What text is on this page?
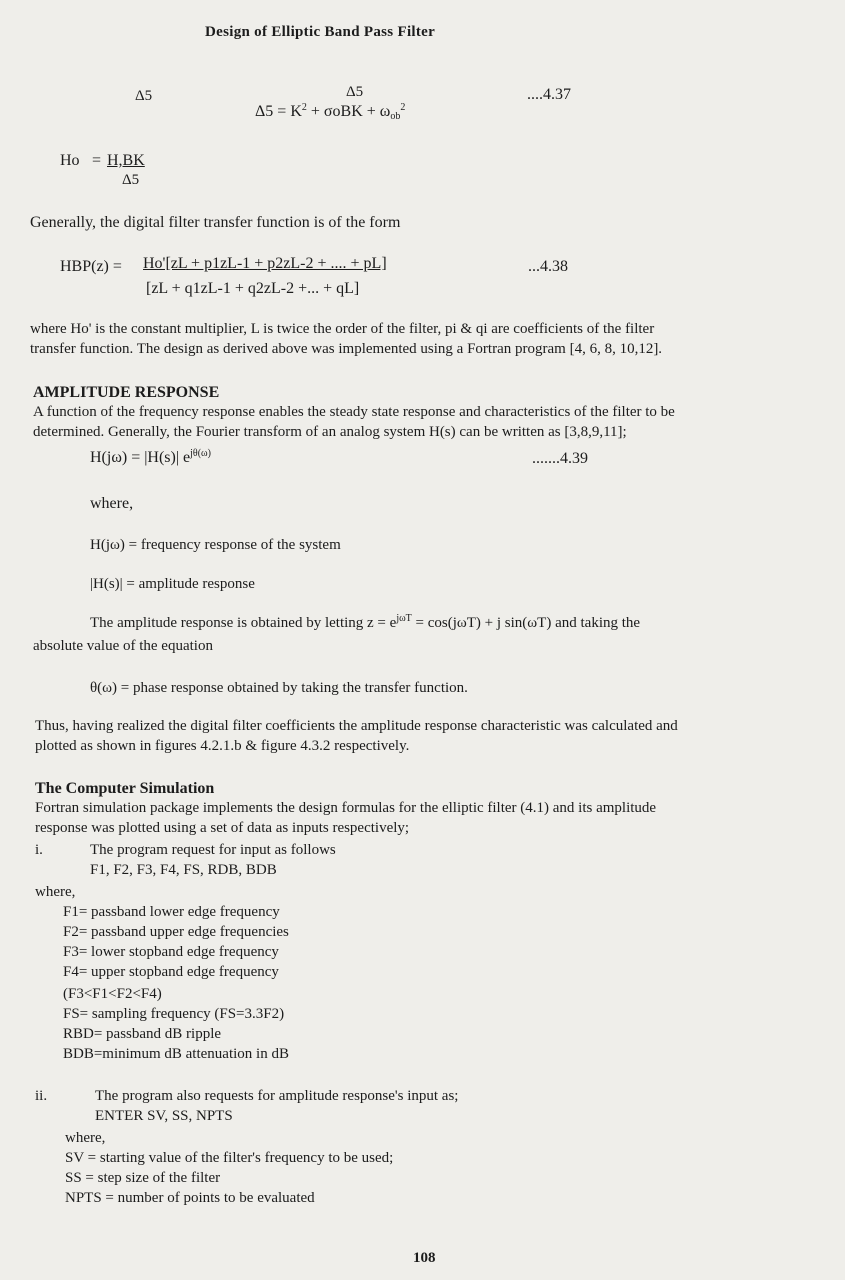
Design of Elliptic Band Pass Filter
Δ5	Δ5
$\Delta 5 = K^2 + \sigma oBK + \omega_{ob}^2$
....4.37
Ho = H,BK
Δ5
Generally, the digital filter transfer function is of the form
HBP(z) = Ho'[zL + p1zL-1 + p2zL-2 + .... + pL]
[zL + q1zL-1 + q2zL-2 +... + qL]
...4.38
where Ho' is the constant multiplier, L is twice the order of the filter, pi & qi are coefficients of the filter
transfer function. The design as derived above was implemented using a Fortran program [4, 6, 8, 10,12].
AMPLITUDE RESPONSE
A function of the frequency response enables the steady state response and characteristics of the filter to be
determined. Generally, the Fourier transform of an analog system H(s) can be written as [3,8,9,11];
H(jω) = |H(s)| $e^{j\theta(\omega)}$	.......4.39
where,
H(jω) = frequency response of the system
|H(s)| = amplitude response
The amplitude response is obtained by letting $z = e^{j\omega T} = \cos(j\omega T) + j$ sin(ωT) and taking the
absolute value of the equation
θ(ω) = phase response obtained by taking the transfer function.
Thus, having realized the digital filter coefficients the amplitude response characteristic was calculated and
plotted as shown in figures 4.2.1.b & figure 4.3.2 respectively.
The Computer Simulation
Fortran simulation package implements the design formulas for the elliptic filter (4.1) and its amplitude
response was plotted using a set of data as inputs respectively;
i.	The program request for input as follows
F1, F2, F3, F4, FS, RDB, BDB
where,
F1= passband lower edge frequency
F2= passband upper edge frequencies
F3= lower stopband edge frequency
F4= upper stopband edge frequency
(F3<F1<F2<F4)
FS= sampling frequency (FS=3.3F2)
RBD= passband dB ripple
BDB=minimum dB attenuation in dB
ii.	The program also requests for amplitude response's input as;
ENTER SV, SS, NPTS
where,
SV = starting value of the filter's frequency to be used;
SS = step size of the filter
NPTS = number of points to be evaluated
108
